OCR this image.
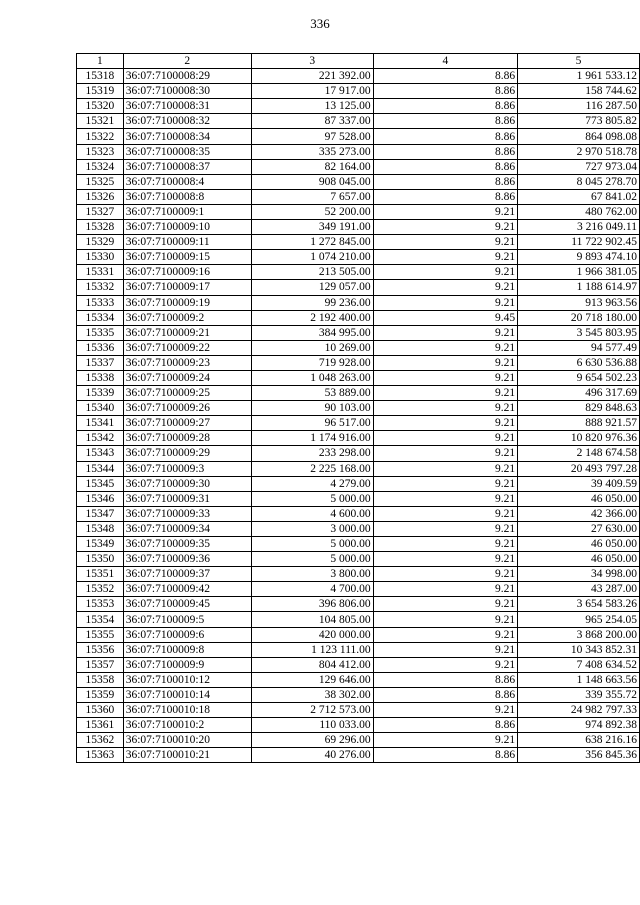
336
1	2	3	4	5
15318	36:07:7100008:29	221 392.00	8.86	1 961 533.12
15319	36:07:7100008:30	17 917.00	8.86	158 744.62
15320	36:07:7100008:31	13 125.00	8.86	116 287.50
15321	36:07:7100008:32	87 337.00	8.86	773 805.82
15322	36:07:7100008:34	97 528.00	8.86	864 098.08
15323	36:07:7100008:35	335 273.00	8.86	2 970 518.78
15324	36:07:7100008:37	82 164.00	8.86	727 973.04
15325	36:07:7100008:4	908 045.00	8.86	8 045 278.70
15326	36:07:7100008:8	7 657.00	8.86	67 841.02
15327	36:07:7100009:1	52 200.00	9.21	480 762.00
15328	36:07:7100009:10	349 191.00	9.21	3 216 049.11
15329	36:07:7100009:11	1 272 845.00	9.21	11 722 902.45
15330	36:07:7100009:15	1 074 210.00	9.21	9 893 474.10
15331	36:07:7100009:16	213 505.00	9.21	1 966 381.05
15332	36:07:7100009:17	129 057.00	9.21	1 188 614.97
15333	36:07:7100009:19	99 236.00	9.21	913 963.56
15334	36:07:7100009:2	2 192 400.00	9.45	20 718 180.00
15335	36:07:7100009:21	384 995.00	9.21	3 545 803.95
15336	36:07:7100009:22	10 269.00	9.21	94 577.49
15337	36:07:7100009:23	719 928.00	9.21	6 630 536.88
15338	36:07:7100009:24	1 048 263.00	9.21	9 654 502.23
15339	36:07:7100009:25	53 889.00	9.21	496 317.69
15340	36:07:7100009:26	90 103.00	9.21	829 848.63
15341	36:07:7100009:27	96 517.00	9.21	888 921.57
15342	36:07:7100009:28	1 174 916.00	9.21	10 820 976.36
15343	36:07:7100009:29	233 298.00	9.21	2 148 674.58
15344	36:07:7100009:3	2 225 168.00	9.21	20 493 797.28
15345	36:07:7100009:30	4 279.00	9.21	39 409.59
15346	36:07:7100009:31	5 000.00	9.21	46 050.00
15347	36:07:7100009:33	4 600.00	9.21	42 366.00
15348	36:07:7100009:34	3 000.00	9.21	27 630.00
15349	36:07:7100009:35	5 000.00	9.21	46 050.00
15350	36:07:7100009:36	5 000.00	9.21	46 050.00
15351	36:07:7100009:37	3 800.00	9.21	34 998.00
15352	36:07:7100009:42	4 700.00	9.21	43 287.00
15353	36:07:7100009:45	396 806.00	9.21	3 654 583.26
15354	36:07:7100009:5	104 805.00	9.21	965 254.05
15355	36:07:7100009:6	420 000.00	9.21	3 868 200.00
15356	36:07:7100009:8	1 123 111.00	9.21	10 343 852.31
15357	36:07:7100009:9	804 412.00	9.21	7 408 634.52
15358	36:07:7100010:12	129 646.00	8.86	1 148 663.56
15359	36:07:7100010:14	38 302.00	8.86	339 355.72
15360	36:07:7100010:18	2 712 573.00	9.21	24 982 797.33
15361	36:07:7100010:2	110 033.00	8.86	974 892.38
15362	36:07:7100010:20	69 296.00	9.21	638 216.16
15363	36:07:7100010:21	40 276.00	8.86	356 845.36
